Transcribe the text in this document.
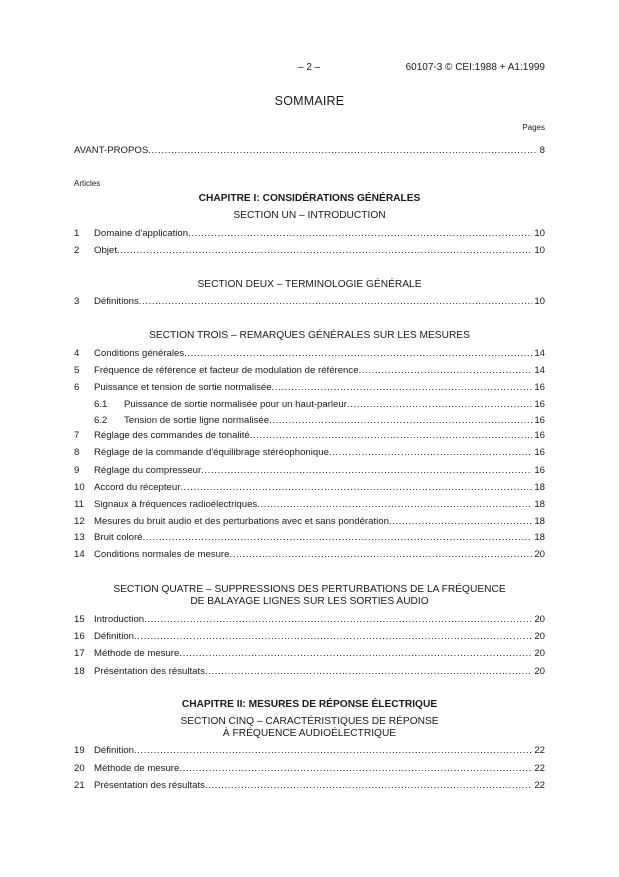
– 2 –	60107-3 © CEI:1988 + A1:1999
SOMMAIRE
Pages
AVANT-PROPOS .....	8
Articles
CHAPITRE I: CONSIDÉRATIONS GÉNÉRALES
SECTION UN – INTRODUCTION
1	Domaine d'application .....	10
2	Objet .....	10
SECTION DEUX – TERMINOLOGIE GÉNÉRALE
3	Définitions .....	10
SECTION TROIS – REMARQUES GÉNÉRALES SUR LES MESURES
4	Conditions générales .....	14
5	Fréquence de référence et facteur de modulation de référence .....	14
6	Puissance et tension de sortie normalisée .....	16
6.1	Puissance de sortie normalisée pour un haut-parleur .....	16
6.2	Tension de sortie ligne normalisée .....	16
7	Réglage des commandes de tonalité .....	16
8	Réglage de la commande d'équilibrage stéréophonique .....	16
9	Réglage du compresseur .....	16
10 Accord du récepteur .....	18
11	Signaux à fréquences radioélectriques .....	18
12 Mesures du bruit audio et des perturbations avec et sans pondération .....	18
13 Bruit coloré .....	18
14 Conditions normales de mesure .....	20
SECTION QUATRE – SUPPRESSIONS DES PERTURBATIONS DE LA FRÉQUENCE
DE BALAYAGE LIGNES SUR LES SORTIES AUDIO
15 Introduction .....	20
16 Définition .....	20
17 Méthode de mesure .....	20
18 Présentation des résultats .....	20
CHAPITRE II: MESURES DE RÉPONSE ÉLECTRIQUE
SECTION CINQ – CARACTÉRISTIQUES DE RÉPONSE
À FRÉQUENCE AUDIOÉLECTRIQUE
19 Définition .....	22
20 Méthode de mesure .....	22
21 Présentation des résultats .....	22
